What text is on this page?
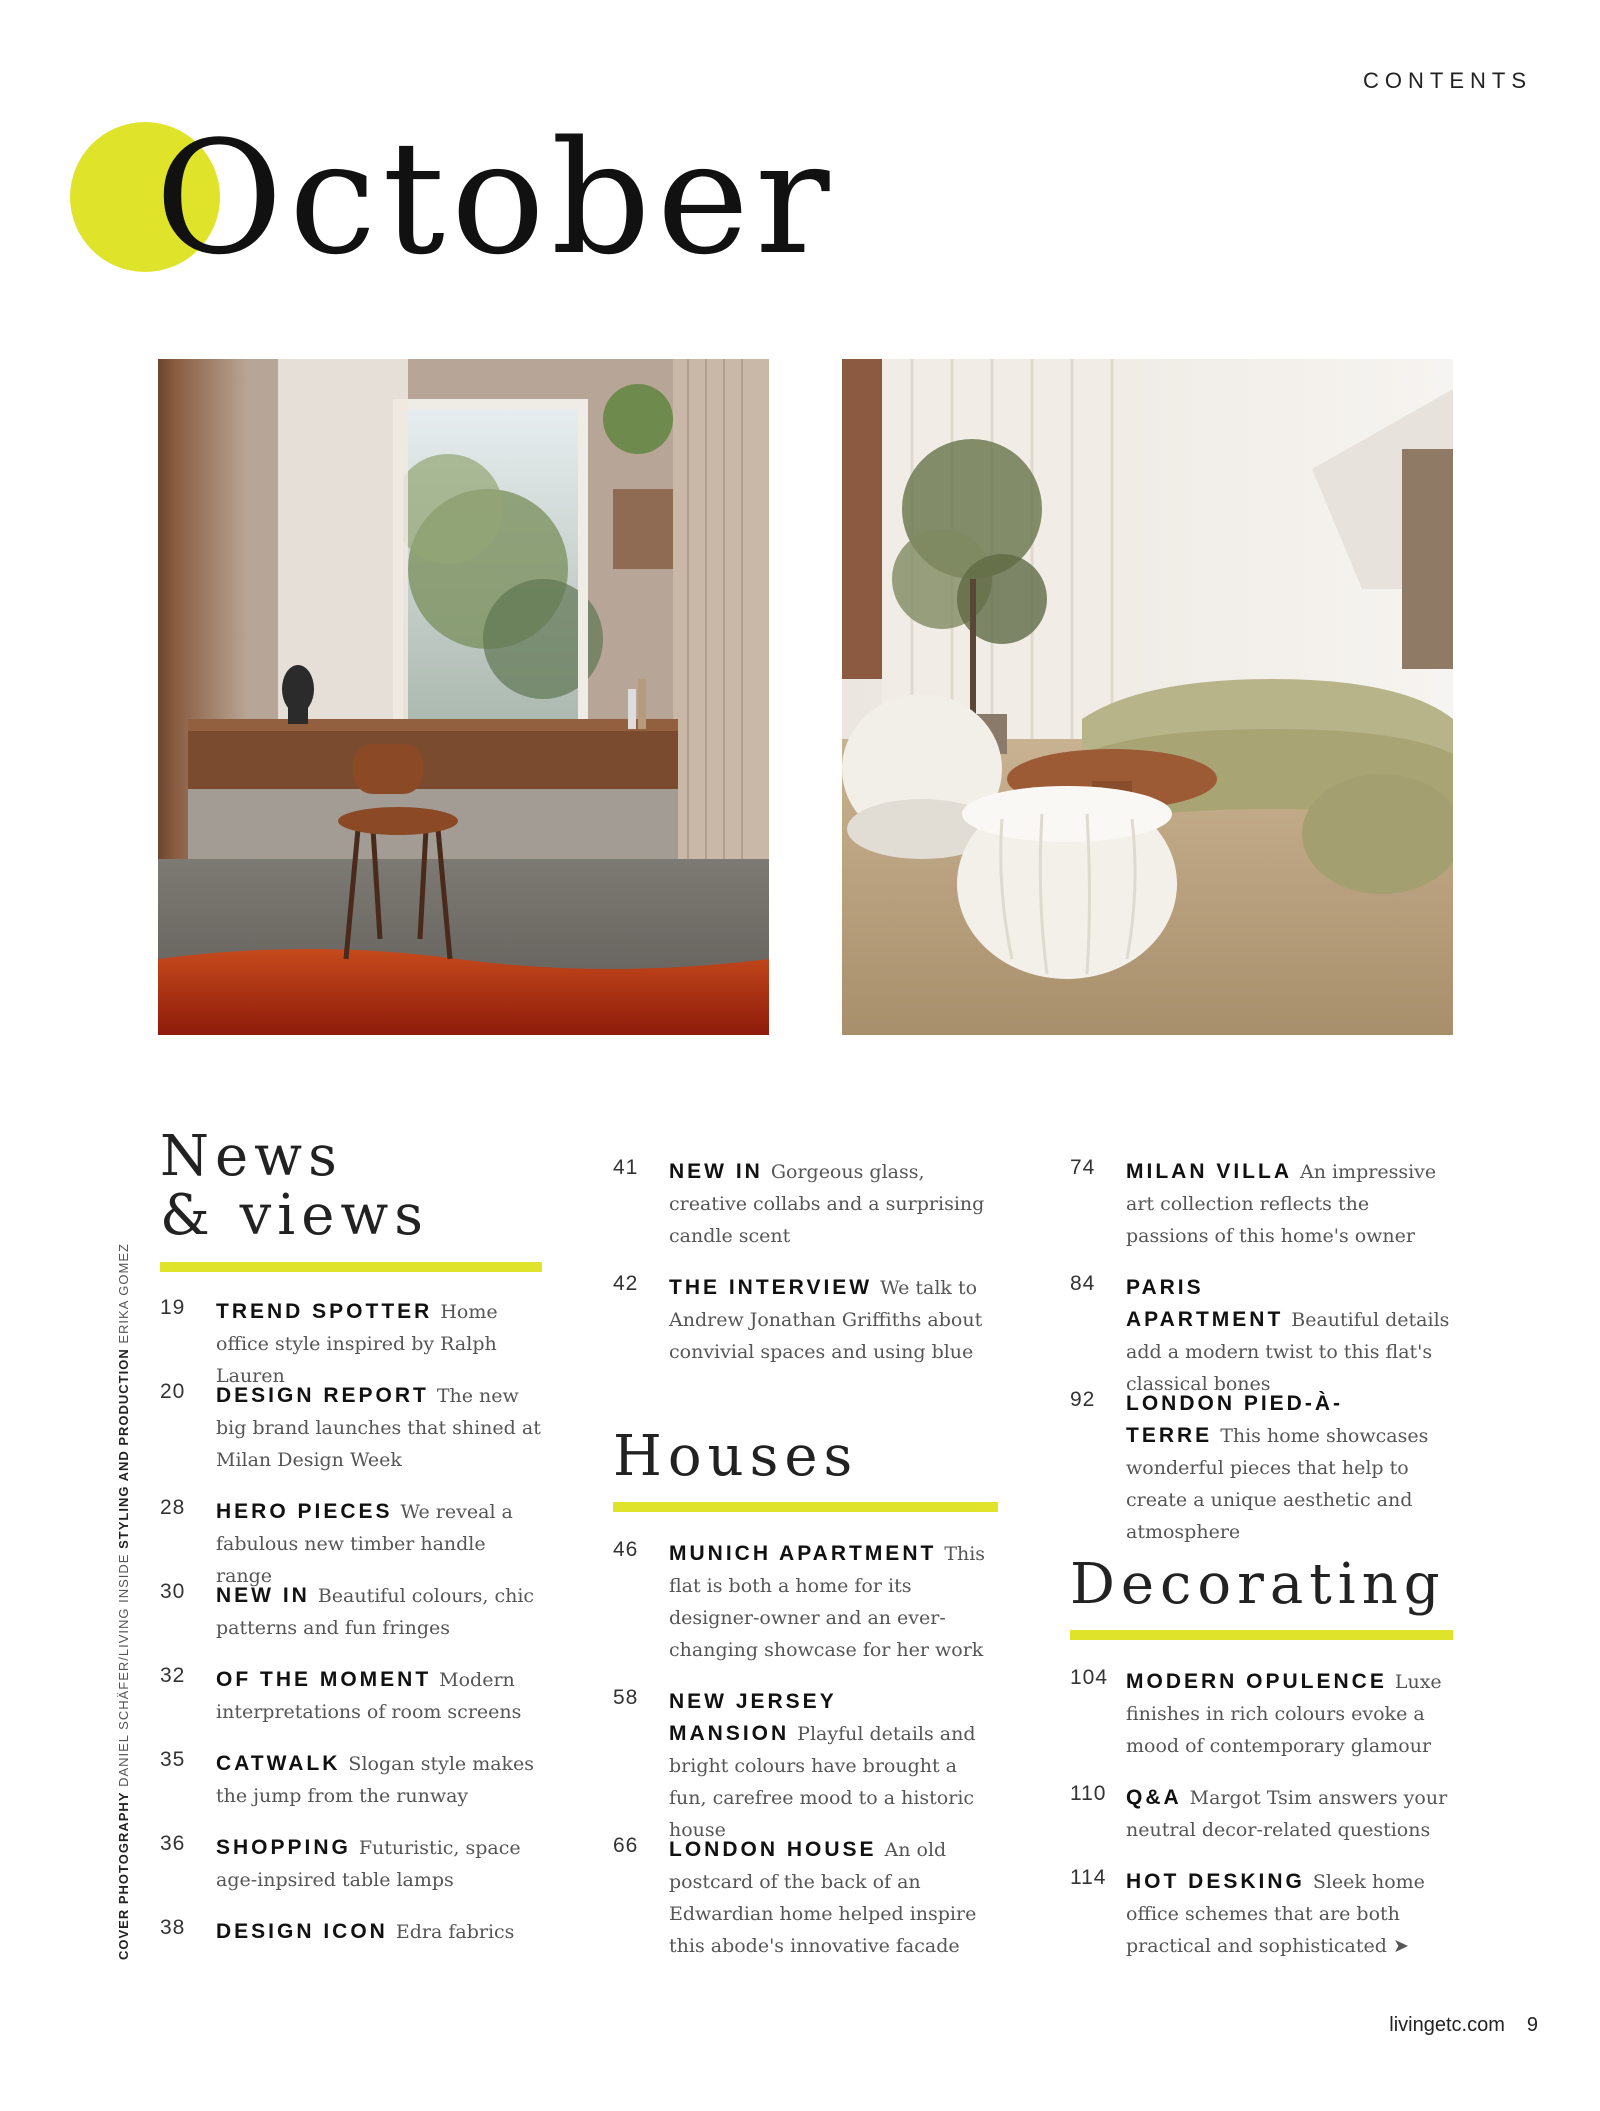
CONTENTS
October
COVER PHOTOGRAPHY DANIEL SCHÄFER/LIVING INSIDE STYLING AND PRODUCTION ERIKA GOMEZ
News
& views
Houses
Decorating
19	TREND SPOTTER Home office style inspired by Ralph Lauren
20	DESIGN REPORT The new big brand launches that shined at Milan Design Week
28	HERO PIECES We reveal a fabulous new timber handle range
30	NEW IN Beautiful colours, chic patterns and fun fringes
32	OF THE MOMENT Modern interpretations of room screens
35	CATWALK Slogan style makes the jump from the runway
36	SHOPPING Futuristic, space age-inpsired table lamps
38	DESIGN ICON Edra fabrics
41	NEW IN Gorgeous glass, creative collabs and a surprising candle scent
42	THE INTERVIEW We talk to Andrew Jonathan Griffiths about convivial spaces and using blue
46	MUNICH APARTMENT This flat is both a home for its designer-owner and an ever-changing showcase for her work
58	NEW JERSEY MANSION Playful details and bright colours have brought a fun, carefree mood to a historic house
66	LONDON HOUSE An old postcard of the back of an Edwardian home helped inspire this abode's innovative facade
74	MILAN VILLA An impressive art collection reflects the passions of this home's owner
84	PARIS APARTMENT Beautiful details add a modern twist to this flat's classical bones
92	LONDON PIED-À-TERRE This home showcases wonderful pieces that help to create a unique aesthetic and atmosphere
104 MODERN OPULENCE Luxe finishes in rich colours evoke a mood of contemporary glamour
110 Q&A Margot Tsim answers your neutral decor-related questions
114 HOT DESKING Sleek home office schemes that are both practical and sophisticated ➤
livingetc.com 9
